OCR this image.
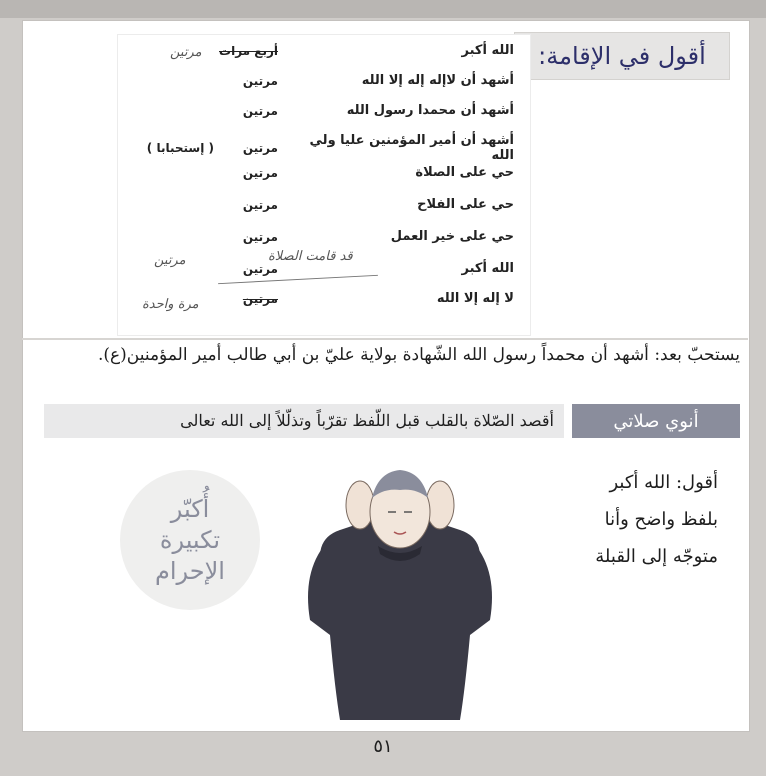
أقول في الإقامة:
الله أكبر
أربع مرات
أشهد أن لاإله إله إلا الله
مرتين
أشهد أن محمدا رسول الله
مرتين
أشهد أن أمير المؤمنين عليا ولي الله
مرتين
( إستحبابا )
حي على الصلاة
مرتين
حي على الفلاح
مرتين
حي على خير العمل
مرتين
الله أكبر
مرتين
لا إله إلا الله
مرتين
مرتين
قد قامت الصلاة
مرتين
مرة واحدة
يستحبّ بعد: أشهد أن محمداً رسول الله الشّهادة بولاية عليّ بن أبي طالب أمير المؤمنين(ع).
أنوي صلاتي
أقصد الصّلاة بالقلب قبل اللّفظ تقرّباً وتذلّلاً إلى الله تعالى
أقول: الله أكبر
بلفظ واضح وأنا
متوجّه إلى القبلة
أُكبّر
تكبيرة
الإحرام
٥١
